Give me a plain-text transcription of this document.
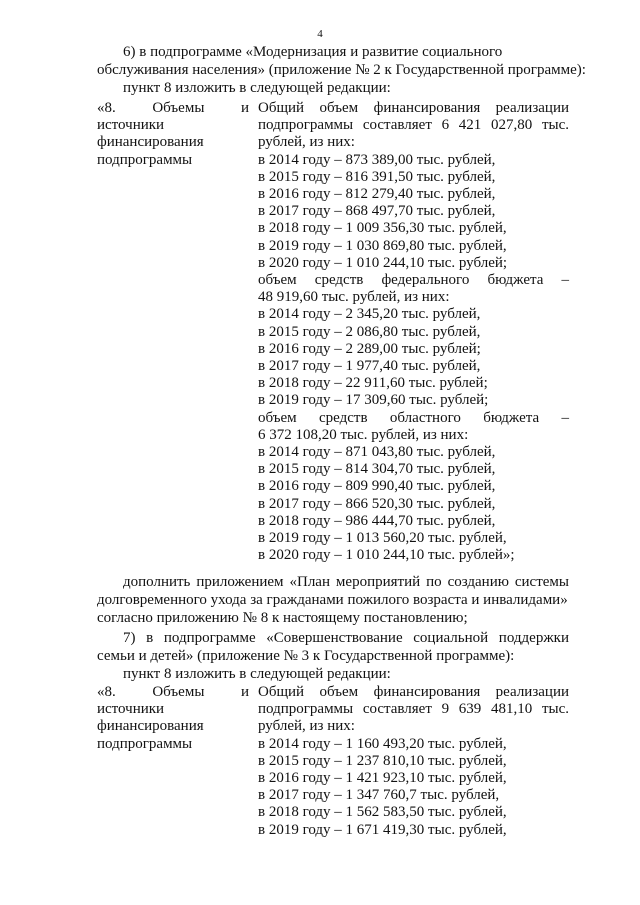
4
6) в подпрограмме «Модернизация и развитие социального
обслуживания населения» (приложение № 2 к Государственной программе):
пункт 8 изложить в следующей редакции:
«8.       Объемы       и
источники
финансирования
подпрограммы
Общий объем финансирования реализации
подпрограммы составляет 6 421 027,80 тыс.
рублей, из них:
в 2014 году – 873 389,00 тыс. рублей,
в 2015 году – 816 391,50 тыс. рублей,
в 2016 году – 812 279,40 тыс. рублей,
в 2017 году – 868 497,70 тыс. рублей,
в 2018 году – 1 009 356,30 тыс. рублей,
в 2019 году – 1 030 869,80 тыс. рублей,
в 2020 году – 1 010 244,10 тыс. рублей;
объем средств федерального бюджета –
48 919,60 тыс. рублей, из них:
в 2014 году – 2 345,20 тыс. рублей,
в 2015 году – 2 086,80 тыс. рублей,
в 2016 году – 2 289,00 тыс. рублей;
в 2017 году – 1 977,40 тыс. рублей,
в 2018 году – 22 911,60 тыс. рублей;
в 2019 году – 17 309,60 тыс. рублей;
объем средств областного бюджета –
6 372 108,20 тыс. рублей, из них:
в 2014 году – 871 043,80 тыс. рублей,
в 2015 году – 814 304,70 тыс. рублей,
в 2016 году – 809 990,40 тыс. рублей,
в 2017 году – 866 520,30 тыс. рублей,
в 2018 году – 986 444,70 тыс. рублей,
в 2019 году – 1 013 560,20 тыс. рублей,
в 2020 году – 1 010 244,10 тыс. рублей»;
дополнить приложением «План мероприятий по созданию системы
долговременного ухода за гражданами пожилого возраста и инвалидами»
согласно приложению № 8 к настоящему постановлению;
7) в подпрограмме «Совершенствование социальной поддержки
семьи и детей» (приложение № 3 к Государственной программе):
пункт 8 изложить в следующей редакции:
«8.       Объемы       и
источники
финансирования
подпрограммы
Общий объем финансирования реализации
подпрограммы составляет 9 639 481,10 тыс.
рублей, из них:
в 2014 году – 1 160 493,20 тыс. рублей,
в 2015 году – 1 237 810,10 тыс. рублей,
в 2016 году – 1 421 923,10 тыс. рублей,
в 2017 году – 1 347 760,7 тыс. рублей,
в 2018 году – 1 562 583,50 тыс. рублей,
в 2019 году – 1 671 419,30 тыс. рублей,
